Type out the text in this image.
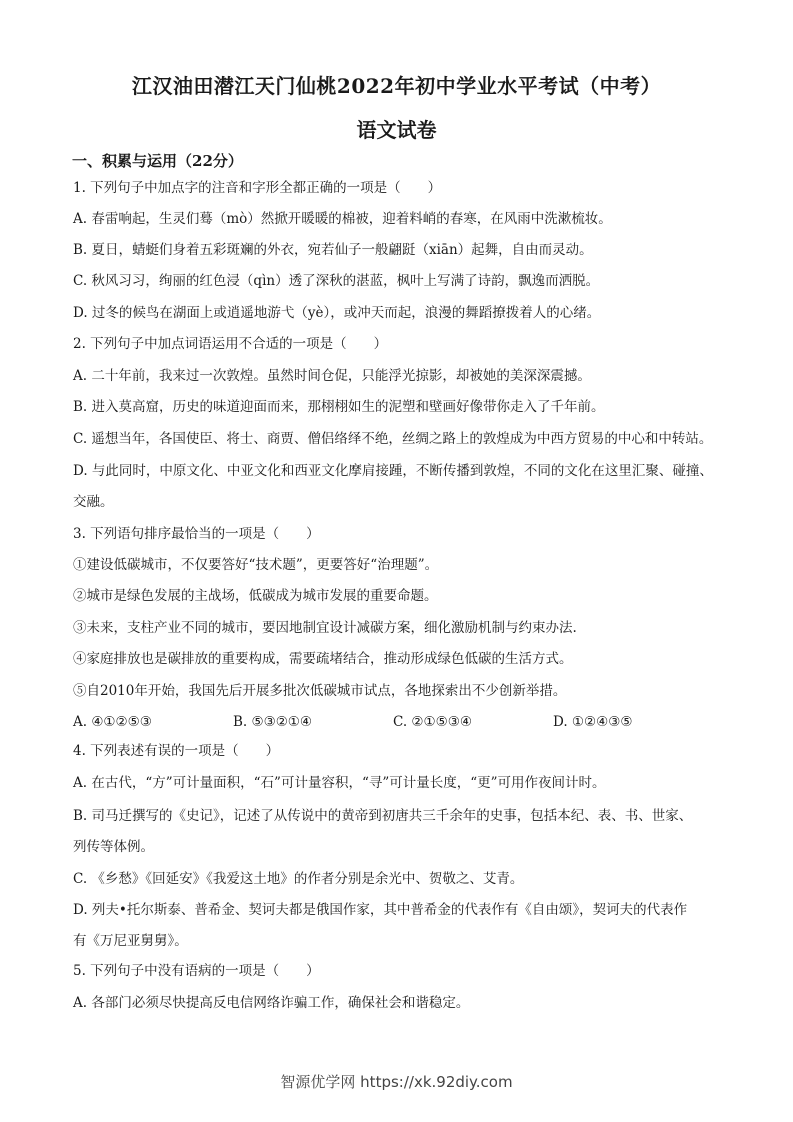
江汉油田潜江天门仙桃2022年初中学业水平考试（中考）
语文试卷
一、积累与运用（22分）
1. 下列句子中加点字的注音和字形全都正确的一项是（　　）
A. 春雷响起，生灵们蓦（mò）然掀开暖暖的棉被，迎着料峭的春寒，在风雨中洗漱梳妆。
B. 夏日，蜻蜓们身着五彩斑斓的外衣，宛若仙子一般翩跹（xiān）起舞，自由而灵动。
C. 秋风习习，绚丽的红色浸（qìn）透了深秋的湛蓝，枫叶上写满了诗韵，飘逸而洒脱。
D. 过冬的候鸟在湖面上或逍遥地游弋（yè），或冲天而起，浪漫的舞蹈撩拨着人的心绪。
2. 下列句子中加点词语运用不合适的一项是（　　）
A. 二十年前，我来过一次敦煌。虽然时间仓促，只能浮光掠影，却被她的美深深震撼。
B. 进入莫高窟，历史的味道迎面而来，那栩栩如生的泥塑和壁画好像带你走入了千年前。
C. 遥想当年，各国使臣、将士、商贾、僧侣络绎不绝，丝绸之路上的敦煌成为中西方贸易的中心和中转站。
D. 与此同时，中原文化、中亚文化和西亚文化摩肩接踵，不断传播到敦煌，不同的文化在这里汇聚、碰撞、
交融。
3. 下列语句排序最恰当的一项是（　　）
①建设低碳城市，不仅要答好“技术题”，更要答好“治理题”。
②城市是绿色发展的主战场，低碳成为城市发展的重要命题。
③未来，支柱产业不同的城市，要因地制宜设计减碳方案，细化激励机制与约束办法.
④家庭排放也是碳排放的重要构成，需要疏堵结合，推动形成绿色低碳的生活方式。
⑤自2010年开始，我国先后开展多批次低碳城市试点，各地探索出不少创新举措。
A. ④①②⑤③	B. ⑤③②①④	C. ②①⑤③④	D. ①②④③⑤
4. 下列表述有误的一项是（　　）
A. 在古代，“方”可计量面积，“石”可计量容积，“寻”可计量长度，“更”可用作夜间计时。
B. 司马迁撰写的《史记》，记述了从传说中的黄帝到初唐共三千余年的史事，包括本纪、表、书、世家、
列传等体例。
C. 《乡愁》《回延安》《我爱这土地》的作者分别是余光中、贺敬之、艾青。
D. 列夫•托尔斯泰、普希金、契诃夫都是俄国作家，其中普希金的代表作有《自由颂》，契诃夫的代表作
有《万尼亚舅舅》。
5. 下列句子中没有语病的一项是（　　）
A. 各部门必须尽快提高反电信网络诈骗工作，确保社会和谐稳定。
智源优学网 https://xk.92diy.com
